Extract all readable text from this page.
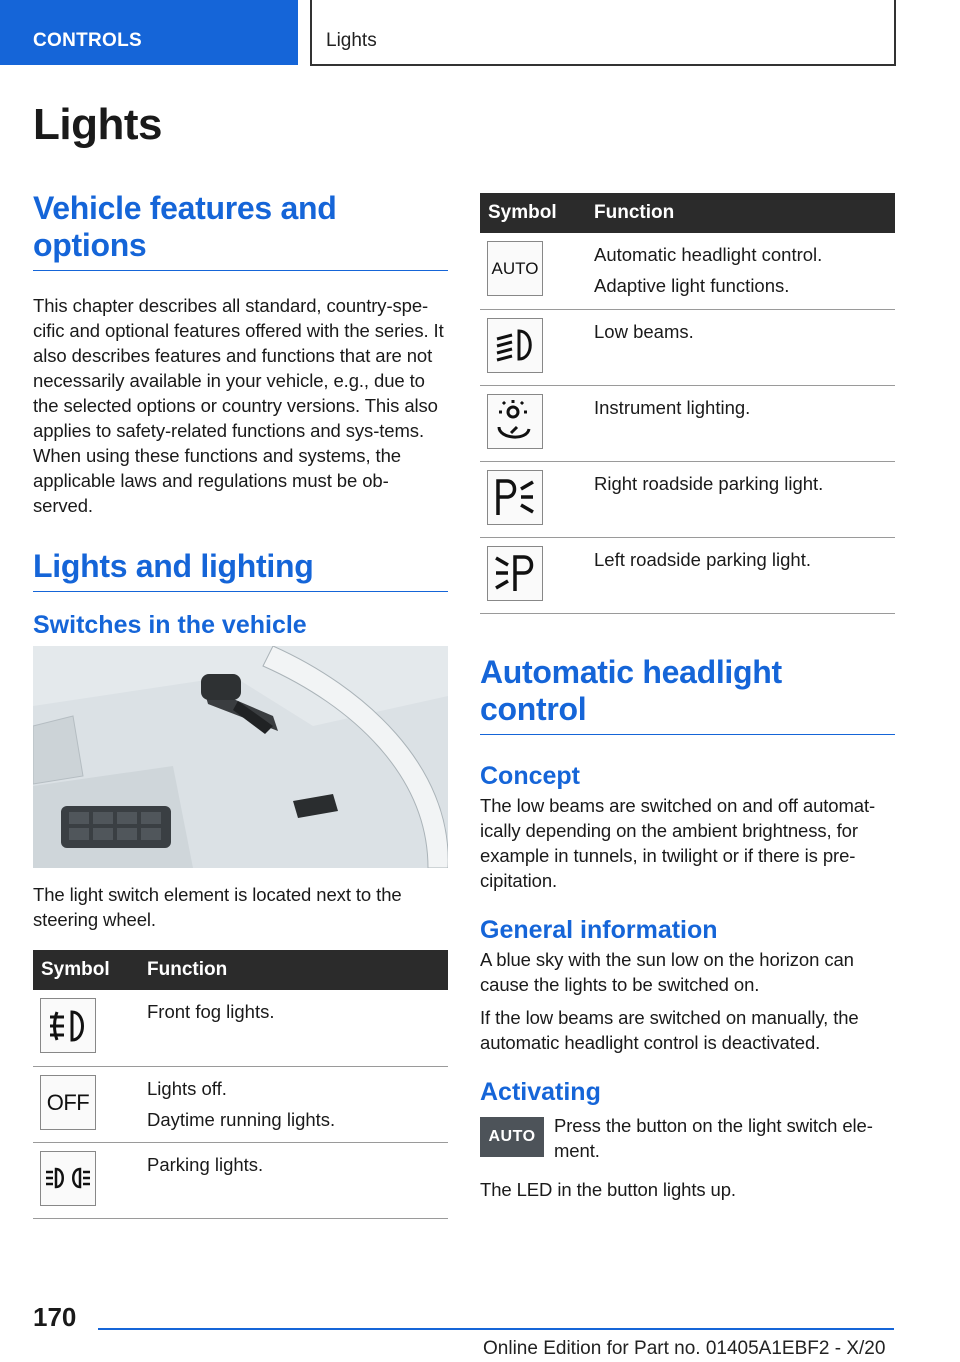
CONTROLS	Lights
Lights
Vehicle features and options

This chapter describes all standard, country-spe-cific and optional features offered with the series. It also describes features and functions that are not necessarily available in your vehicle, e.g., due to the selected options or country versions. This also applies to safety-related functions and sys-tems. When using these functions and systems, the applicable laws and regulations must be ob-served.

Lights and lighting
Switches in the vehicle

The light switch element is located next to the steering wheel.

Symbol	Function

Front fog lights.

OFF	Lights off.
Daytime running lights.

Parking lights.
Symbol	Function

AUTO	Automatic headlight control.
Adaptive light functions.

Low beams.

Instrument lighting.

Right roadside parking light.

Left roadside parking light.
Automatic headlight control
Concept

The low beams are switched on and off automat-ically depending on the ambient brightness, for example in tunnels, in twilight or if there is pre-cipitation.

General information

A blue sky with the sun low on the horizon can cause the lights to be switched on.

If the low beams are switched on manually, the automatic headlight control is deactivated.

Activating
AUTO

Press the button on the light switch ele-ment.

The LED in the button lights up.

170
Online Edition for Part no. 01405A1EBF2 - X/20
